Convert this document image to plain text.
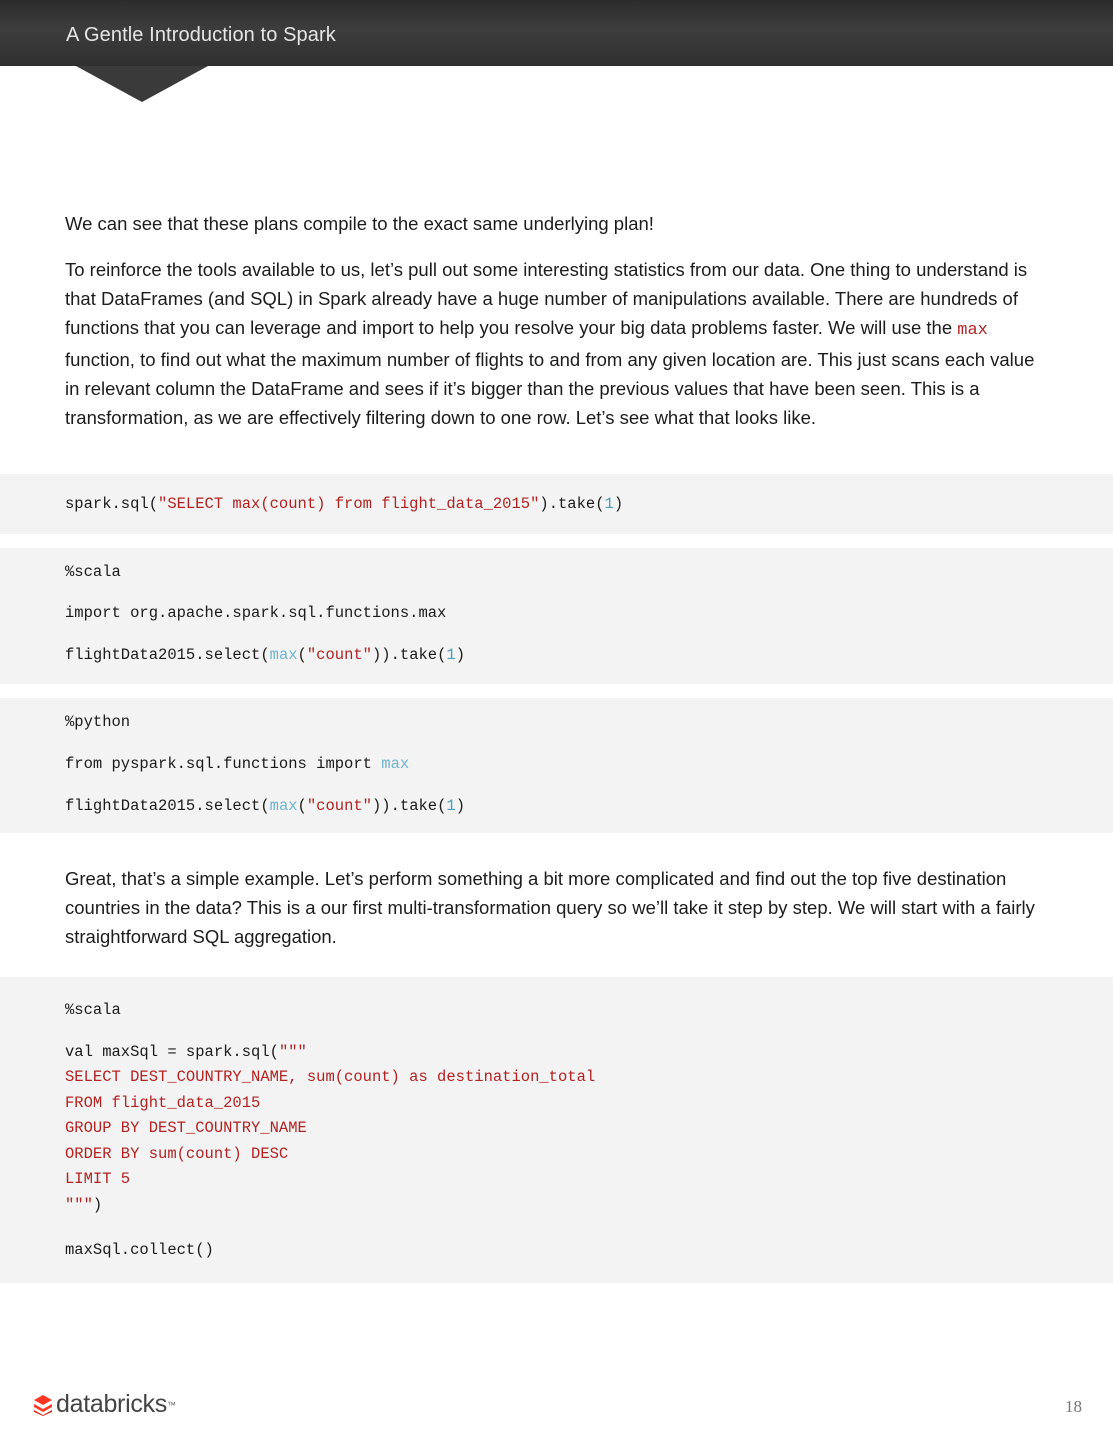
A Gentle Introduction to Spark

We can see that these plans compile to the exact same underlying plan!

To reinforce the tools available to us, let’s pull out some interesting statistics from our data. One thing to understand is that DataFrames (and SQL) in Spark already have a huge number of manipulations available. There are hundreds of functions that you can leverage and import to help you resolve your big data problems faster. We will use the max function, to find out what the maximum number of flights to and from any given location are. This just scans each value in relevant column the DataFrame and sees if it’s bigger than the previous values that have been seen. This is a transformation, as we are effectively filtering down to one row. Let’s see what that looks like.

spark.sql("SELECT max(count) from flight_data_2015").take(1)
%scala
import org.apache.spark.sql.functions.max
flightData2015.select(max("count")).take(1)
%python
from pyspark.sql.functions import max
flightData2015.select(max("count")).take(1)

Great, that’s a simple example. Let’s perform something a bit more complicated and find out the top five destination countries in the data? This is a our first multi-transformation query so we’ll take it step by step. We will start with a fairly straightforward SQL aggregation.

%scala
val maxSql = spark.sql("""
SELECT DEST_COUNTRY_NAME, sum(count) as destination_total
FROM flight_data_2015
GROUP BY DEST_COUNTRY_NAME
ORDER BY sum(count) DESC
LIMIT 5
""")
maxSql.collect()
databricks ™	18
